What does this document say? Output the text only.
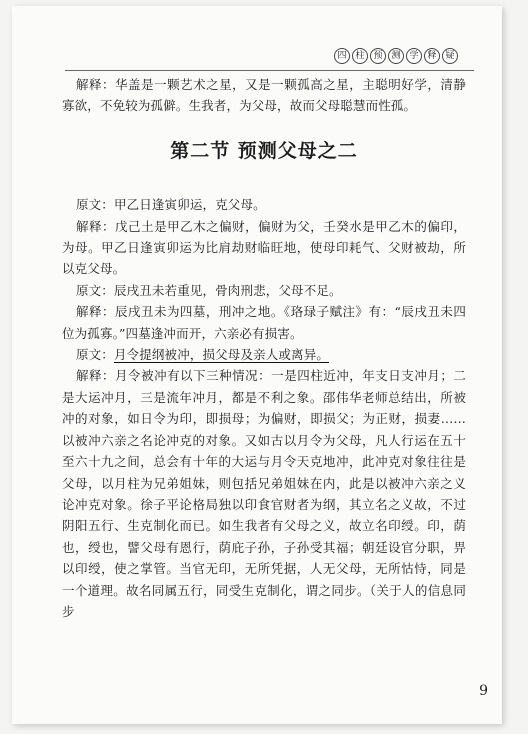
四 柱 预 测 学 释 疑

解释：华盖是一颗艺术之星，又是一颗孤高之星，主聪明好学，清静寡欲，不免较为孤僻。生我者，为父母，故而父母聪慧而性孤。

第二节 预测父母之二

原文：甲乙日逢寅卯运，克父母。

解释：戊己土是甲乙木之偏财，偏财为父，壬癸水是甲乙木的偏印，为母。甲乙日逢寅卯运为比肩劫财临旺地，使母印耗气、父财被劫，所以克父母。

原文：辰戌丑未若重见，骨肉刑悲，父母不足。

解释：辰戌丑未为四墓，刑冲之地。《珞琭子赋注》有：“辰戌丑未四位为孤寡。”四墓逢冲而开，六亲必有损害。

原文：月令提纲被冲，损父母及亲人或离异。

解释：月令被冲有以下三种情况：一是四柱近冲，年支日支冲月；二是大运冲月，三是流年冲月，都是不利之象。邵伟华老师总结出，所被冲的对象，如日令为印，即损母；为偏财，即损父；为正财，损妻……以被冲六亲之名论冲克的对象。又如古以月令为父母，凡人行运在五十至六十九之间，总会有十年的大运与月令天克地冲，此冲克对象往往是父母，以月柱为兄弟姐妹，则包括兄弟姐妹在内，此是以被冲六亲之义论冲克对象。徐子平论格局独以印食官财者为纲，其立名之义故，不过阴阳五行、生克制化而已。如生我者有父母之义，故立名印绶。印，荫也，绶也，譬父母有恩行，荫庇子孙，子孙受其福；朝廷设官分职，畀以印绶，使之掌管。当官无印，无所凭据，人无父母，无所怙恃，同是一个道理。故名同属五行，同受生克制化，谓之同步。（关于人的信息同步

9
